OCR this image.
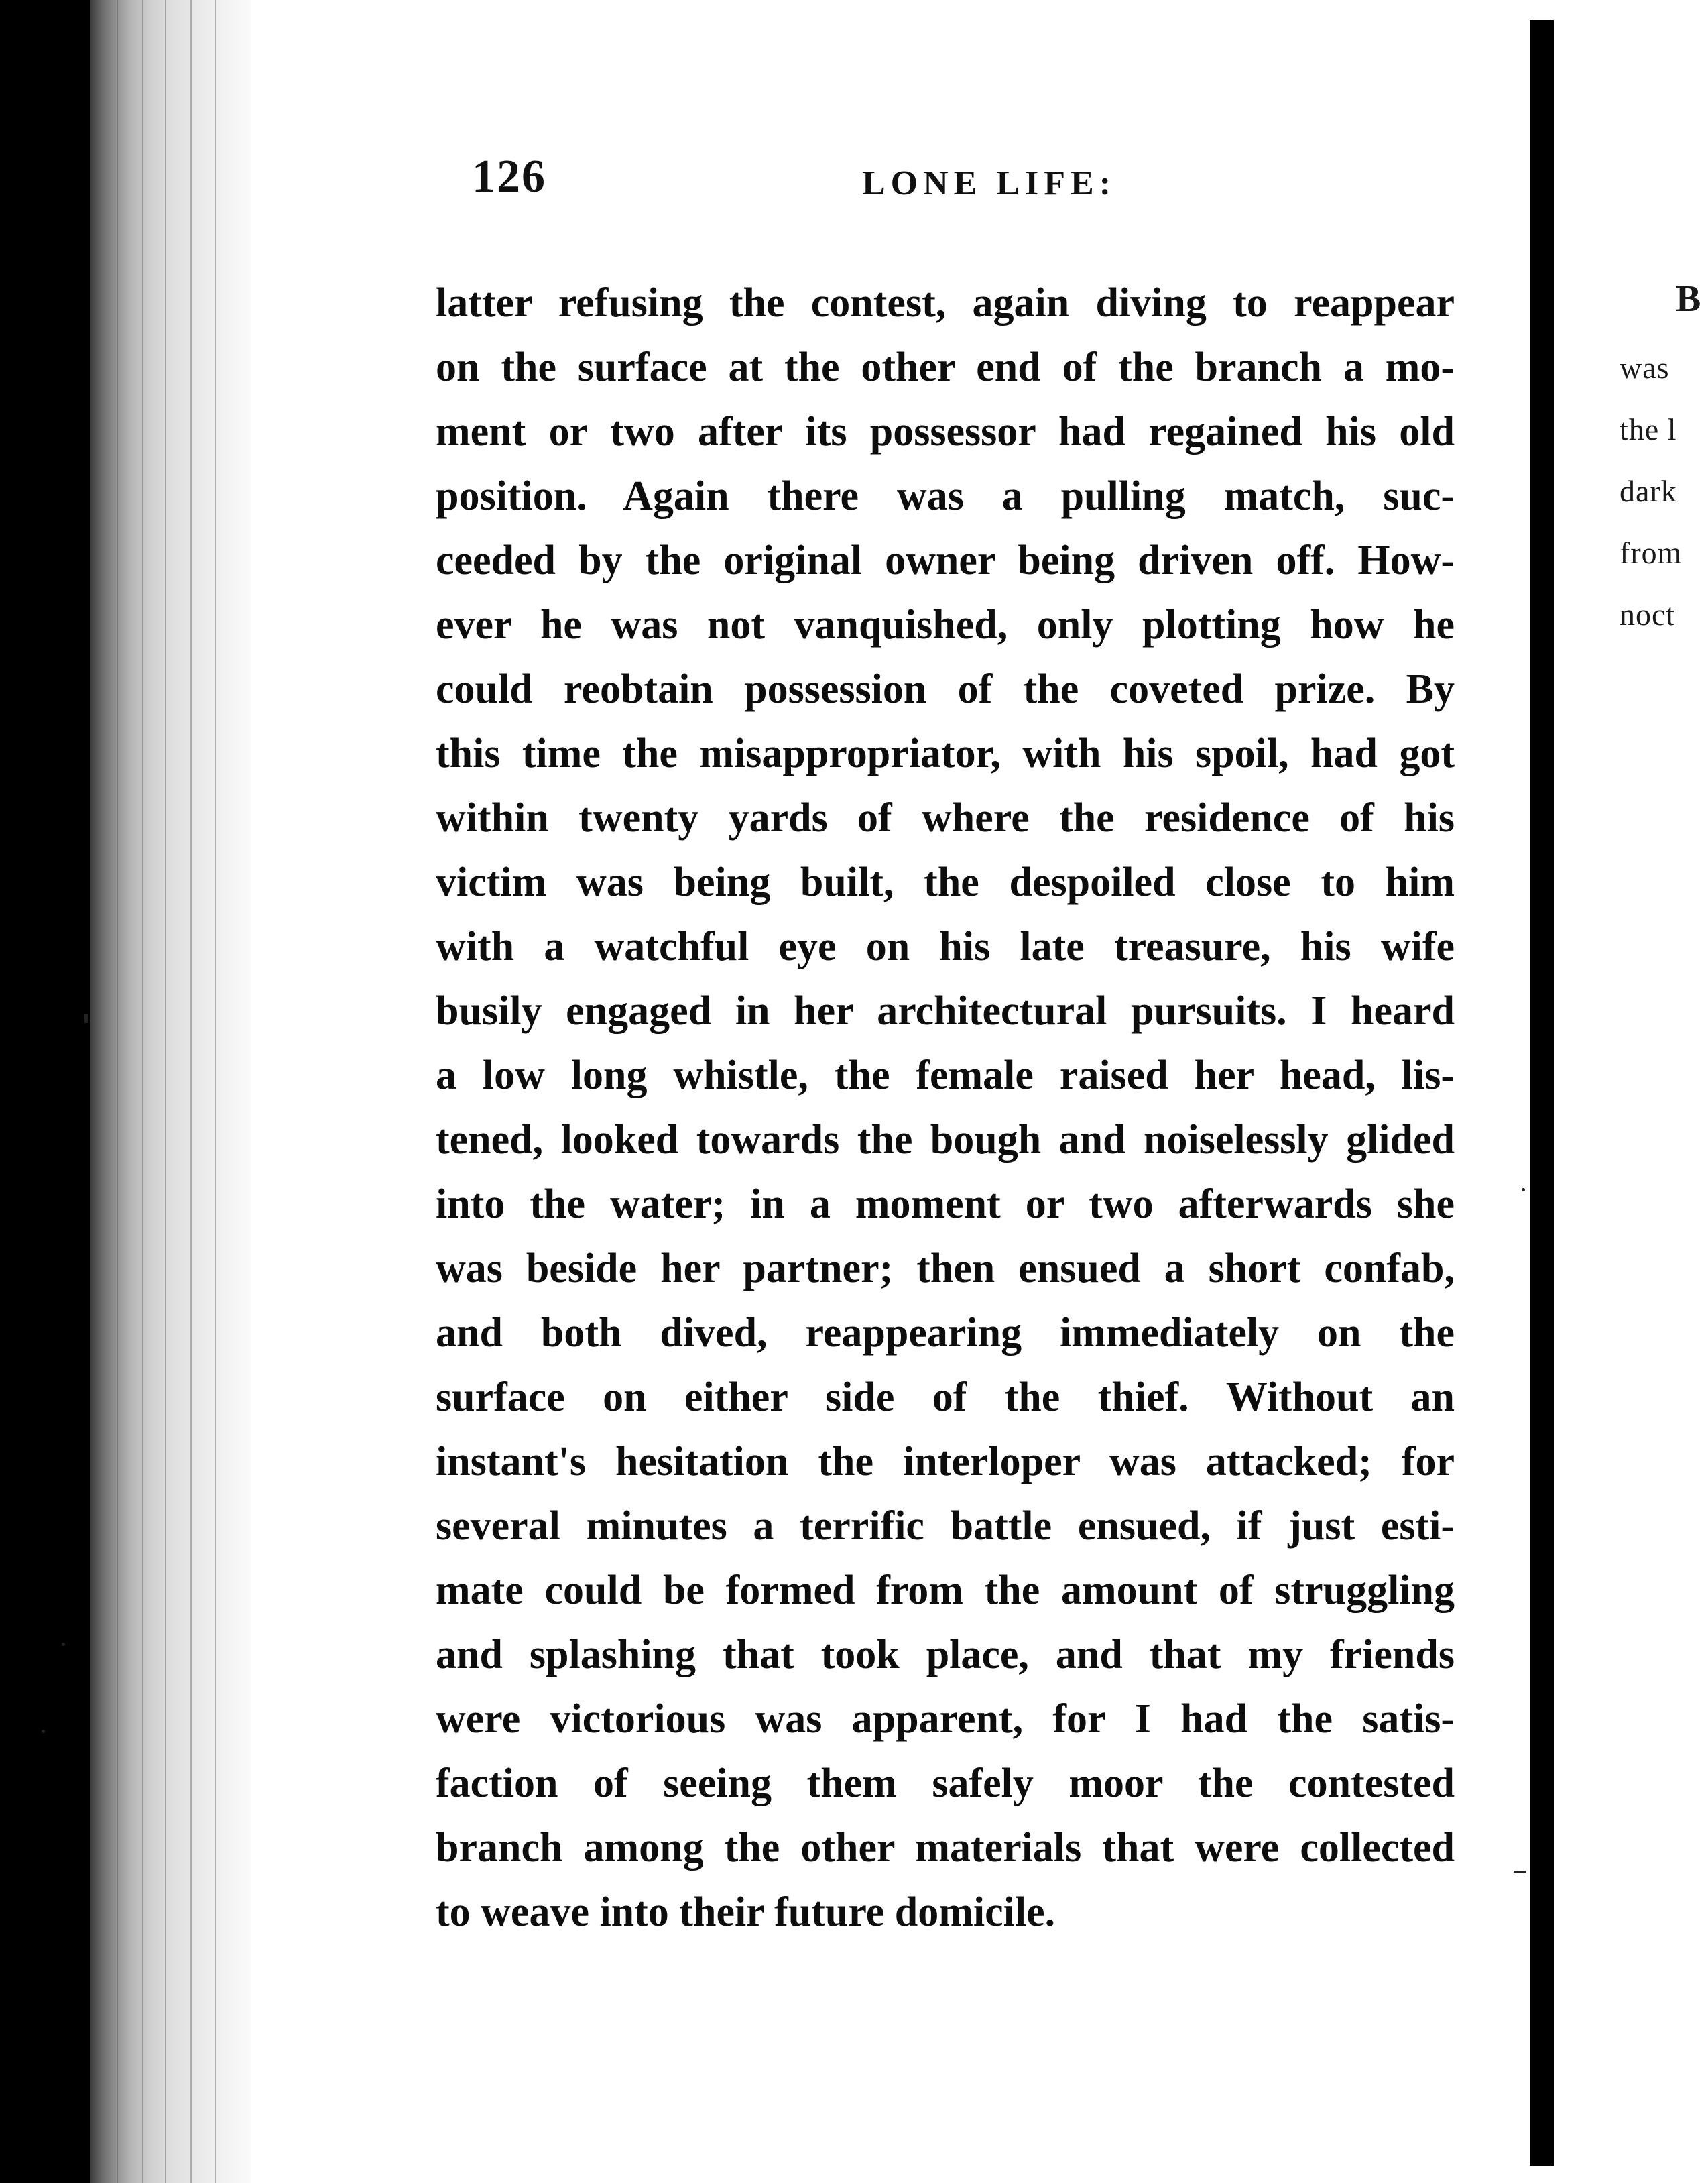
126	LONE LIFE:
latter refusing the contest, again diving to reappear
on the surface at the other end of the branch a mo-
ment or two after its possessor had regained his old
position. Again there was a pulling match, suc-
ceeded by the original owner being driven off. How-
ever he was not vanquished, only plotting how he
could reobtain possession of the coveted prize. By
this time the misappropriator, with his spoil, had got
within twenty yards of where the residence of his
victim was being built, the despoiled close to him
with a watchful eye on his late treasure, his wife
busily engaged in her architectural pursuits. I heard
a low long whistle, the female raised her head, lis-
tened, looked towards the bough and noiselessly glided
into the water; in a moment or two afterwards she
was beside her partner; then ensued a short confab,
and both dived, reappearing immediately on the
surface on either side of the thief. Without an
instant's hesitation the interloper was attacked; for
several minutes a terrific battle ensued, if just esti-
mate could be formed from the amount of struggling
and splashing that took place, and that my friends
were victorious was apparent, for I had the satis-
faction of seeing them safely moor the contested
branch among the other materials that were collected
to weave into their future domicile.
B
was
the l
dark
from
noct
